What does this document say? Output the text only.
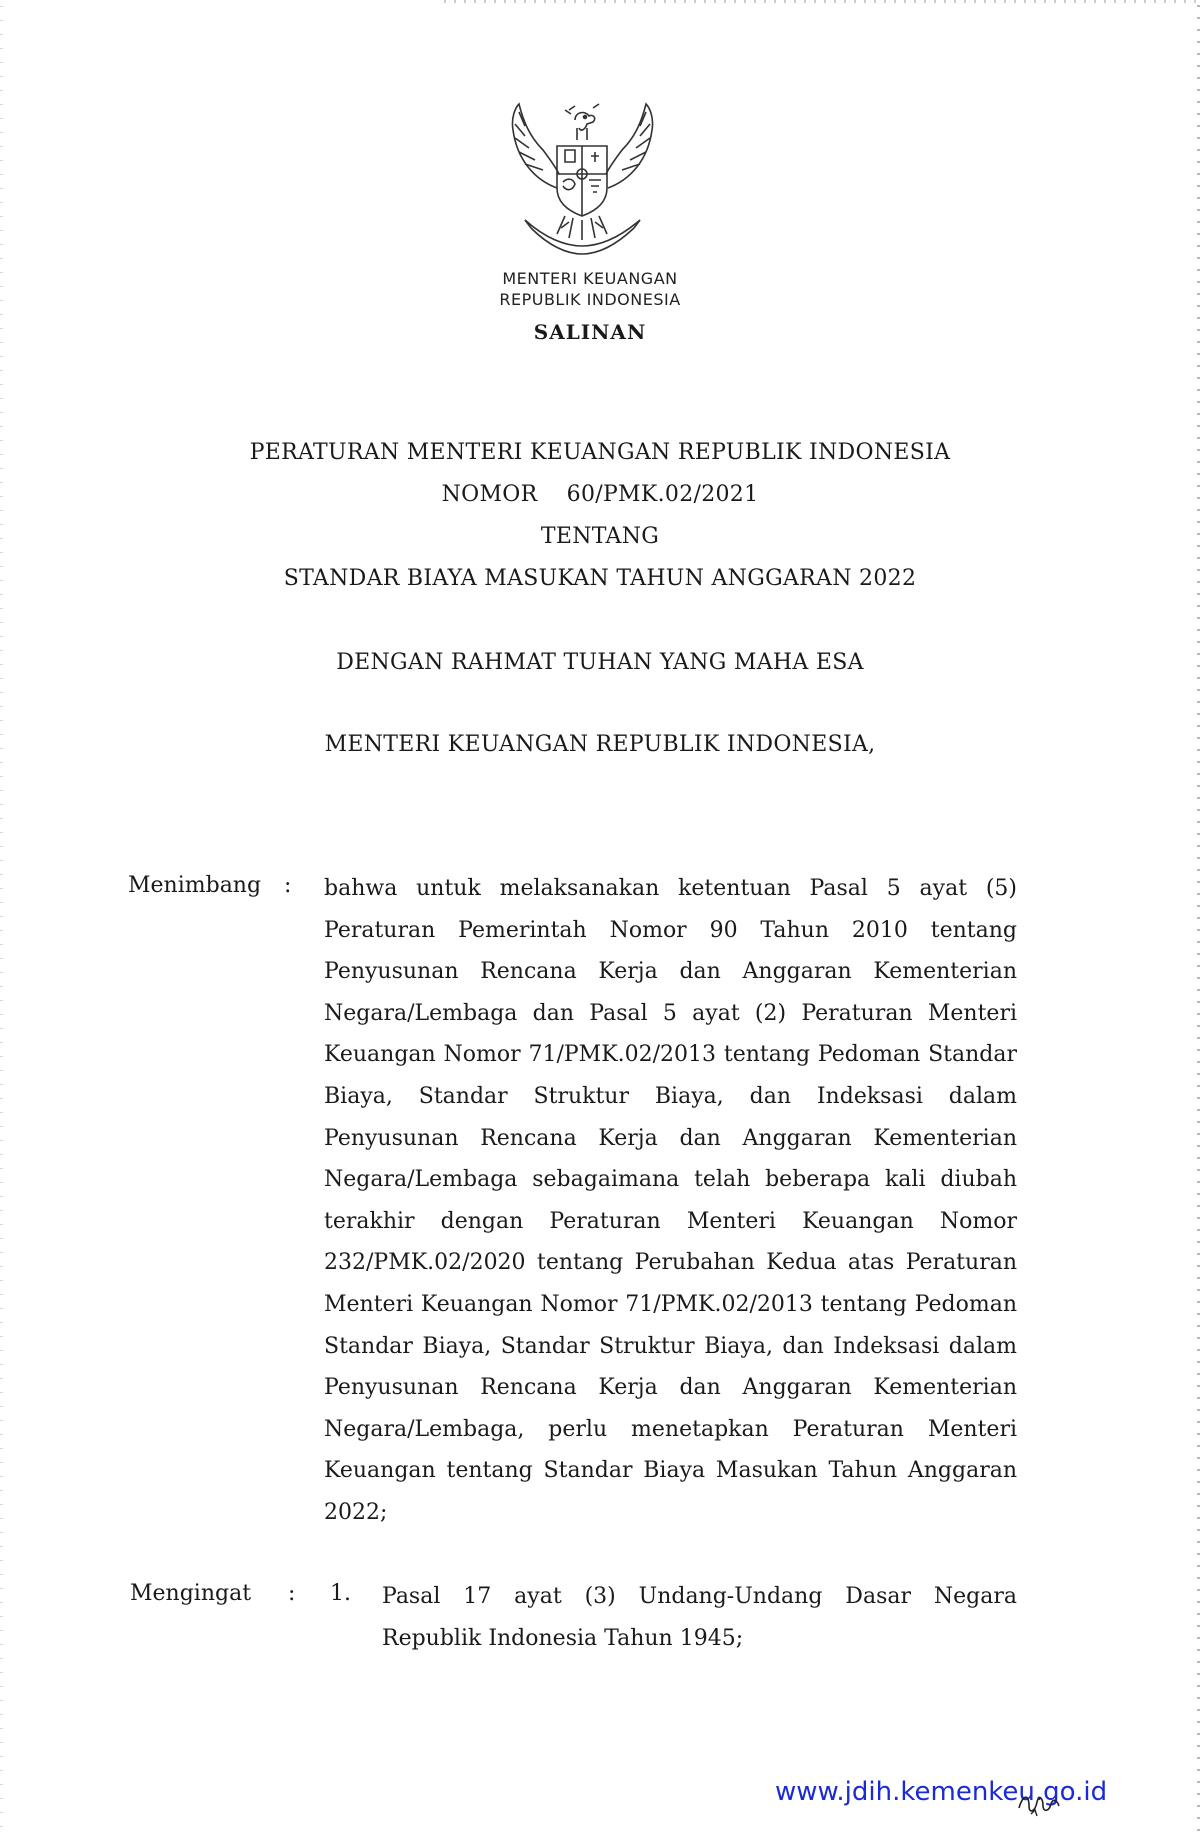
MENTERI KEUANGAN
REPUBLIK INDONESIA
SALINAN
PERATURAN MENTERI KEUANGAN REPUBLIK INDONESIA
NOMOR    60/PMK.02/2021
TENTANG
STANDAR BIAYA MASUKAN TAHUN ANGGARAN 2022
DENGAN RAHMAT TUHAN YANG MAHA ESA
MENTERI KEUANGAN REPUBLIK INDONESIA,
Menimbang : bahwa untuk melaksanakan ketentuan Pasal 5 ayat (5) Peraturan Pemerintah Nomor 90 Tahun 2010 tentang Penyusunan Rencana Kerja dan Anggaran Kementerian Negara/Lembaga dan Pasal 5 ayat (2) Peraturan Menteri Keuangan Nomor 71/PMK.02/2013 tentang Pedoman Standar Biaya, Standar Struktur Biaya, dan Indeksasi dalam Penyusunan Rencana Kerja dan Anggaran Kementerian Negara/Lembaga sebagaimana telah beberapa kali diubah terakhir dengan Peraturan Menteri Keuangan Nomor 232/PMK.02/2020 tentang Perubahan Kedua atas Peraturan Menteri Keuangan Nomor 71/PMK.02/2013 tentang Pedoman Standar Biaya, Standar Struktur Biaya, dan Indeksasi dalam Penyusunan Rencana Kerja dan Anggaran Kementerian Negara/Lembaga, perlu menetapkan Peraturan Menteri Keuangan tentang Standar Biaya Masukan Tahun Anggaran 2022;
Mengingat : 1. Pasal 17 ayat (3) Undang-Undang Dasar Negara Republik Indonesia Tahun 1945;
www.jdih.kemenkeu.go.id
